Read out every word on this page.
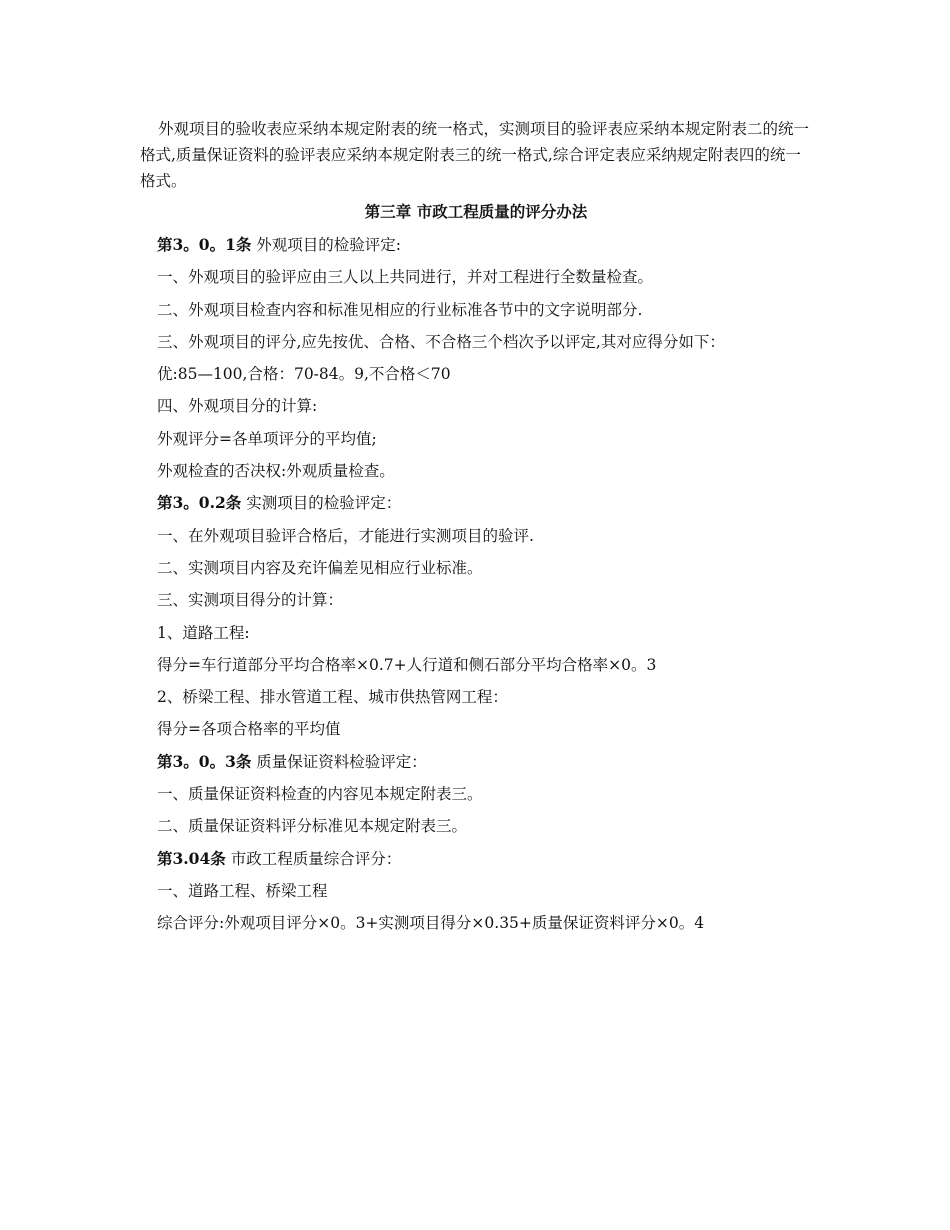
外观项目的验收表应采纳本规定附表的统一格式，实测项目的验评表应采纳本规定附表二的统一格式,质量保证资料的验评表应采纳本规定附表三的统一格式,综合评定表应采纳规定附表四的统一格式。

第三章 市政工程质量的评分办法

第3。0。1条 外观项目的检验评定:
一、外观项目的验评应由三人以上共同进行，并对工程进行全数量检查。
二、外观项目检查内容和标准见相应的行业标准各节中的文字说明部分.
三、外观项目的评分,应先按优、合格、不合格三个档次予以评定,其对应得分如下：
优:85—100,合格：70-84。9,不合格＜70
四、外观项目分的计算:
外观评分=各单项评分的平均值;
外观检查的否决权:外观质量检查。
第3。0.2条 实测项目的检验评定：
一、在外观项目验评合格后，才能进行实测项目的验评.
二、实测项目内容及充许偏差见相应行业标准。
三、实测项目得分的计算：
1、道路工程:
得分=车行道部分平均合格率×0.7+人行道和侧石部分平均合格率×0。3
2、桥梁工程、排水管道工程、城市供热管网工程：
得分=各项合格率的平均值
第3。0。3条 质量保证资料检验评定：
一、质量保证资料检查的内容见本规定附表三。
二、质量保证资料评分标准见本规定附表三。
第3.04条 市政工程质量综合评分：
一、道路工程、桥梁工程
综合评分:外观项目评分×0。3+实测项目得分×0.35+质量保证资料评分×0。4
